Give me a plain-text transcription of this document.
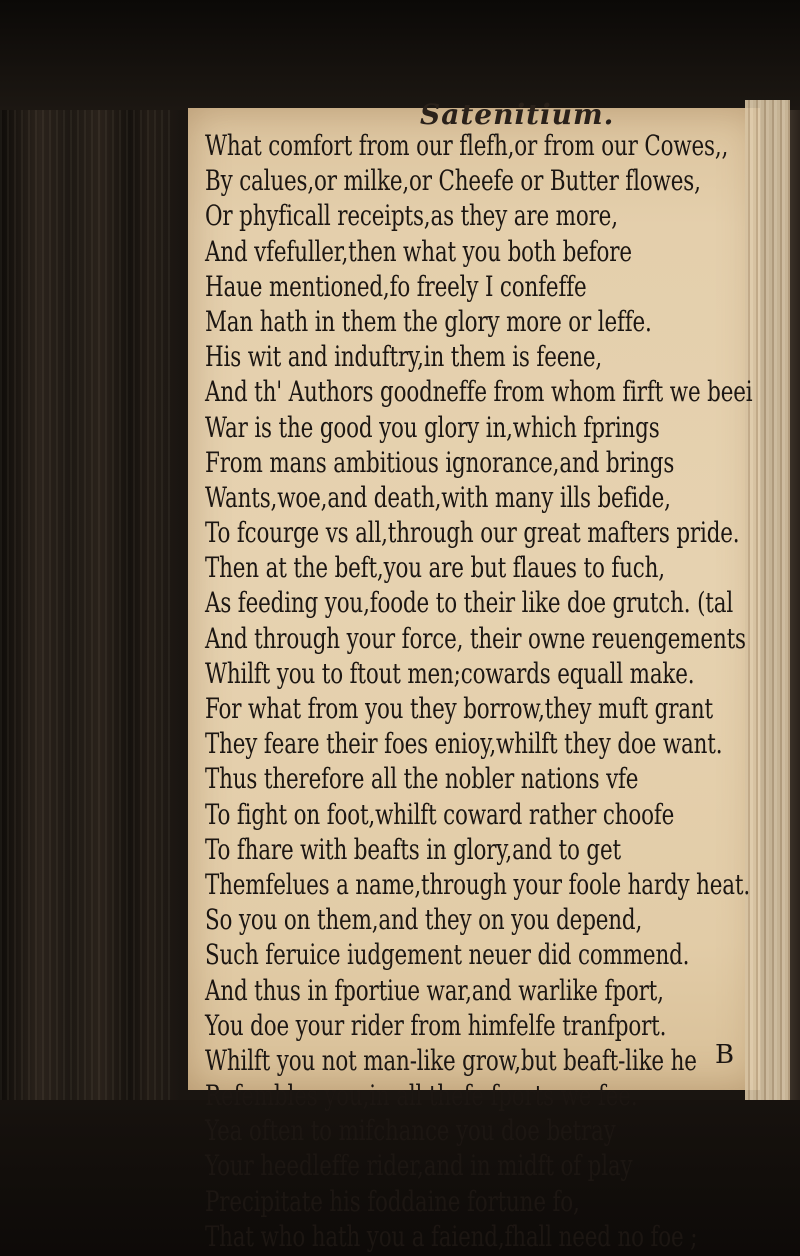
Satenitium.
What comfort from our flefh,or from our Cowes,,
By calues,or milke,or Cheefe or Butter flowes,
Or phyficall receipts,as they are more,
And vfefuller,then what you both before
Haue mentioned,fo freely I confeffe
Man hath in them the glory more or leffe.
His wit and induftry,in them is feene,
And th' Authors goodneffe from whom firft we beei
War is the good you glory in,which fprings
From mans ambitious ignorance,and brings
Wants,woe,and death,with many ills befide,
To fcourge vs all,through our great mafters pride.
Then at the beft,you are but flaues to fuch,
As feeding you,foode to their like doe grutch. (tal
And through your force, their owne reuengements
Whilft you to ftout men;cowards equall make.
For what from you they borrow,they muft grant
They feare their foes enioy,whilft they doe want.
Thus therefore all the nobler nations vfe
To fight on foot,whilft coward rather choofe
To fhare with beafts in glory,and to get
Themfelues a name,through your foole hardy heat.
So you on them,and they on you depend,
Such feruice iudgement neuer did commend.
And thus in fportiue war,and warlike fport,
You doe your rider from himfelfe tranfport.
Whilft you not man-like grow,but beaft-like he
Refembles you,in all thefe fports we fee.
Yea often to mifchance you doe betray
Your heedleffe rider,and in midft of play
Precipitate his foddaine fortune fo,
That who hath you a faiend,fhall need no foe ;
B
